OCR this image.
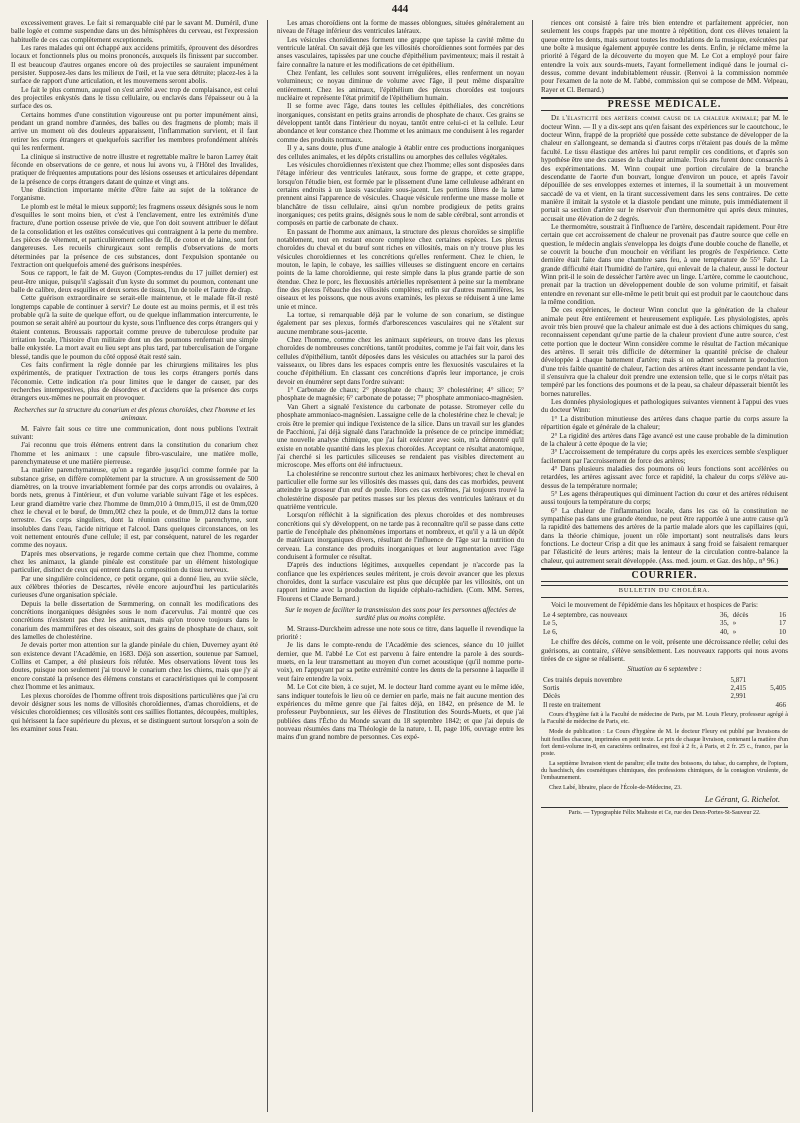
444

excessivement graves. Le fait si remarquable cité par le savant M. Duméril, d'une balle logée et comme suspendue dans un des hémisphères du cerveau, est l'expression habituelle de ces cas complètement exceptionnels.

Les rares malades qui ont échappé aux accidens primitifs, éprouvent des désordres locaux et fonctionnels plus ou moins prononcés, auxquels ils finissent par succomber. Il est beaucoup d'autres organes encore où des projectiles se sauraient impunément persister. Supposez-les dans les milieux de l'œil, et la vue sera détruite; placez-les à la surface de rapport d'une articulation, et les mouvemens seront abolis.

Le fait le plus commun, auquel on s'est arrêté avec trop de complaisance, est celui des projectiles enkystés dans le tissu cellulaire, ou enclavés dans l'épaisseur ou à la surface des os.

Certains hommes d'une constitution vigoureuse ont pu porter impunément ainsi, pendant un grand nombre d'années, des balles ou des fragmens de plomb; mais il arrive un moment où des douleurs apparaissent, l'inflammation survient, et il faut retirer les corps étrangers et quelquefois sacrifier les membres profondément altérés qui les renferment.

La clinique si instructive de notre illustre et regrettable maître le baron Larrey était féconde en observations de ce genre, et nous lui avons vu, à l'Hôtel des Invalides, pratiquer de fréquentes amputations pour des lésions osseuses et articulaires dépendant de la présence de corps étrangers datant de quinze et vingt ans.

Une distinction importante mérite d'être faite au sujet de la tolérance de l'organisme.

Le plomb est le métal le mieux supporté; les fragmens osseux désignés sous le nom d'esquilles le sont moins bien, et c'est à l'enclavement, entre les extrémités d'une fracture, d'une portion osseuse privée de vie, que l'on doit souvent attribuer le défaut de la consolidation et les ostéites consécutives qui contraignent à la perte du membre. Les pièces de vêtement, et particulièrement celles de fil, de coton et de laine, sont fort dangereuses. Les recueils chirurgicaux sont remplis d'observations de morts déterminées par la présence de ces substances, dont l'expulsion spontanée ou l'extraction ont quelquefois amené des guérisons inespérées.

Sous ce rapport, le fait de M. Guyon (Comptes-rendus du 17 juillet dernier) est peut-être unique, puisqu'il s'agissait d'un kyste du sommet du poumon, contenant une balle de calibre, deux esquilles et deux sortes de tissus, l'un de toile et l'autre de drap.

Cette guérison extraordinaire se serait-elle maintenue, et le malade fût-il resté longtemps capable de continuer à servir? Le doute est au moins permis, et il est très probable qu'à la suite de quelque effort, ou de quelque inflammation intercurrente, le poumon se serait altéré au pourtour du kyste, sous l'influence des corps étrangers qui y étaient contenus. Broussais rapportait comme preuve de tuberculose produite par irritation locale, l'histoire d'un militaire dont un des poumons renfermait une simple balle enkystée. La mort avait eu lieu sept ans plus tard, par tuberculisation de l'organe blessé, tandis que le poumon du côté opposé était resté sain.

Ces faits confirment la règle donnée par les chirurgiens militaires les plus expérimentés, de pratiquer l'extraction de tous les corps étrangers portés dans l'économie. Cette indication n'a pour limites que le danger de causer, par des recherches intempestives, plus de désordres et d'accidens que la présence des corps étrangers eux-mêmes ne pourrait en provoquer.

Recherches sur la structure du conarium et des plexus choroïdes, chez l'homme et les animaux.

M. Faivre fait sous ce titre une communication, dont nous publions l'extrait suivant:

J'ai reconnu que trois élémens entrent dans la constitution du conarium chez l'homme et les animaux : une capsule fibro-vasculaire, une matière molle, parenchymateuse et une matière pierreuse.

La matière parenchymateuse, qu'on a regardée jusqu'ici comme formée par la substance grise, en diffère complètement par la structure. A un grossissement de 500 diamètres, on la trouve invariablement formée par des corps arrondis ou ovalaires, à bords nets, grenus à l'intérieur, et d'un volume variable suivant l'âge et les espèces. Leur grand diamètre varie chez l'homme de 0mm,010 à 0mm,015, il est de 0mm,020 chez le cheval et le bœuf, de 0mm,002 chez la poule, et de 0mm,012 dans la tortue terrestre. Ces corps singuliers, dont la réunion constitue le parenchyme, sont insolubles dans l'eau, l'acide nitrique et l'alcool. Dans quelques circonstances, on les voit nettement entourés d'une cellule; il est, par conséquent, naturel de les regarder comme des noyaux.

D'après mes observations, je regarde comme certain que chez l'homme, comme chez les animaux, la glande pinéale est constituée par un élément histologique particulier, distinct de ceux qui entrent dans la composition du tissu nerveux.

Par une singulière coïncidence, ce petit organe, qui a donné lieu, au xviie siècle, aux célèbres théories de Descartes, révèle encore aujourd'hui les particularités curieuses d'une organisation spéciale.

Depuis la belle dissertation de Sœmmering, on connaît les modifications des concrétions inorganiques désignées sous le nom d'acervulus. J'ai montré que ces concrétions n'existent pas chez les animaux, mais qu'on trouve toujours dans le conarium des mammifères et des oiseaux, soit des grains de phosphate de chaux, soit des lamelles de cholestérine.

Je devais porter mon attention sur la glande pinéale du chien, Duverney ayant été son existence devant l'Académie, en 1683. Déjà son assertion, soutenue par Samuel, Collins et Camper, a été plusieurs fois réfutée. Mes observations lèvent tous les doutes, puisque non seulement j'ai trouvé le conarium chez les chiens, mais que j'y ai encore constaté la présence des élémens constans et caractéristiques qui le composent chez l'homme et les animaux.

Les plexus choroïdes de l'homme offrent trois dispositions particulières que j'ai cru devoir désigner sous les noms de villosités choroïdiennes, d'amas choroïdiens, et de vésicules choroïdiennes; ces villosités sont ces saillies flottantes, découpées, multiples, qui hérissent la face supérieure du plexus, et se distinguent surtout lorsqu'on a soin de les examiner sous l'eau.

Les amas choroïdiens ont la forme de masses oblongues, situées généralement au niveau de l'étage inférieur des ventricules latéraux.

Les vésicules choroïdiennes forment une grappe que tapisse la cavité même du ventricule latéral. On savait déjà que les villosités choroïdiennes sont formées par des anses vasculaires, tapissées par une couche d'épithélium pavimenteux; mais il restait à faire connaître la nature et les modifications de cet épithélium.

Chez l'enfant, les cellules sont souvent irrégulières, elles renferment un noyau volumineux; ce noyau diminue de volume avec l'âge, il peut même disparaître entièrement. Chez les animaux, l'épithélium des plexus choroïdes est toujours nucléaire et représente l'état primitif de l'épithélium humain.

Il se forme avec l'âge, dans toutes les cellules épithéliales, des concrétions inorganiques, consistant en petits grains arrondis de phosphate de chaux. Ces grains se développent tantôt dans l'intérieur du noyau, tantôt entre celui-ci et la cellule. Leur abondance et leur constance chez l'homme et les animaux me conduisent à les regarder comme des produits normaux.

Il y a, sans doute, plus d'une analogie à établir entre ces productions inorganiques des cellules animales, et les dépôts cristallins ou amorphes des cellules végétales.

Les vésicules choroïdiennes n'existent que chez l'homme; elles sont disposées dans l'étage inférieur des ventricules latéraux, sous forme de grappe, et cette grappe, lorsqu'on l'étudie bien, est formée par le plissement d'une lame celluleuse adhérant en certains endroits à un lassis vasculaire sous-jacent. Les portions libres de la lame prennent ainsi l'apparence de vésicules. Chaque vésicule renferme une masse molle et blanchâtre de tissu cellulaire, ainsi qu'un nombre prodigieux de petits grains inorganiques; ces petits grains, désignés sous le nom de sable cérébral, sont arrondis et composés en partie de carbonate de chaux.

En passant de l'homme aux animaux, la structure des plexus choroïdes se simplifie notablement, tout en restant encore complexe chez certaines espèces. Les plexus choroïdes du cheval et du bœuf sont riches en villosités, mais on n'y trouve plus les vésicules choroïdiennes et les concrétions qu'elles renferment. Chez le chien, le mouton, le lapin, le cobaye, les saillies villeuses se distinguent encore en certains points de la lame choroïdienne, qui reste simple dans la plus grande partie de son étendue. Chez le porc, les flexuosités artérielles représentent à peine sur la membrane fine des plexus l'ébauche des villosités complètes; enfin sur d'autres mammifères, les oiseaux et les poissons, que nous avons examinés, les plexus se réduisent à une lame unie et mince.

La tortue, si remarquable déjà par le volume de son conarium, se distingue également par ses plexus, formés d'arborescences vasculaires qui ne s'étalent sur aucune membrane sous-jacente.

Chez l'homme, comme chez les animaux supérieurs, on trouve dans les plexus choroïdes de nombreuses concrétions, tantôt produites, comme je l'ai fait voir, dans les cellules d'épithélium, tantôt déposées dans les vésicules ou attachées sur la paroi des vaisseaux, ou libres dans les espaces compris entre les flexuosités vasculaires et la couche d'épithélium. En classant ces concrétions d'après leur importance, je crois devoir en énumérer sept dans l'ordre suivant:

1° Carbonate de chaux; 2° phosphate de chaux; 3° cholestérine; 4° silice; 5° phosphate de magnésie; 6° carbonate de potasse; 7° phosphate ammoniaco-magnésien.

Van Ghert a signalé l'existence du carbonate de potasse. Stromeyer celle du phosphate ammoniaco-magnésien. Lassaigne celle de la cholestérine chez le cheval; je crois être le premier qui indique l'existence de la silice. Dans un travail sur les glandes de Pacchioni, j'ai déjà signalé dans l'arachnoïde la présence de ce principe immédiat; une nouvelle analyse chimique, que j'ai fait exécuter avec soin, m'a démontré qu'il existe en notable quantité dans les plexus choroïdes. Acceptant ce résultat anatomique, j'ai cherché si les particules siliceuses se rendaient pas visibles directement au microscope. Mes efforts ont été infructueux.

La cholestérine se rencontre surtout chez les animaux herbivores; chez le cheval en particulier elle forme sur les villosités des masses qui, dans des cas morbides, peuvent atteindre la grosseur d'un œuf de poule. Hors ces cas extrêmes, j'ai toujours trouvé la cholestérine disposée par petites masses sur les plexus des ventricules latéraux et du quatrième ventricule.

Lorsqu'on réfléchit à la signification des plexus choroïdes et des nombreuses concrétions qui s'y développent, on ne tarde pas à reconnaître qu'il se passe dans cette partie de l'encéphale des phénomènes importans et nombreux, et qu'il y a là un dépôt de matériaux inorganiques divers, résultant de l'influence de l'âge sur la nutrition du cerveau. La constance des produits inorganiques et leur augmentation avec l'âge conduisent à formuler ce résultat.

D'après des inductions légitimes, auxquelles cependant je n'accorde pas la confiance que les expériences seules méritent, je crois devoir avancer que les plexus choroïdes, dont la surface vasculaire est plus que décuplée par les villosités, ont un rapport intime avec la production du liquide céphalo-rachidien. (Com. MM. Serres, Flourens et Claude Bernard.)

Sur le moyen de faciliter la transmission des sons pour les personnes affectées de surdité plus ou moins complète.

M. Strauss-Durckheim adresse une note sous ce titre, dans laquelle il revendique la priorité :

Je lis dans le compte-rendu de l'Académie des sciences, séance du 10 juillet dernier, que M. l'abbé Le Cot est parvenu à faire entendre la parole à des sourds-muets, en la leur transmettant au moyen d'un cornet acoustique (qu'il nomme porte-voix), en l'appuyant par sa petite extrémité contre les dents de la personne à laquelle il veut faire entendre la voix.

M. Le Cot cite bien, à ce sujet, M. le docteur Itard comme ayant eu le même idée, sans indiquer toutefois le lieu où ce dernier en parle, mais ne fait aucune mention des expériences du même genre que j'ai faites déjà, en 1842, en présence de M. le professeur Puybonnieux, sur les élèves de l'Institution des Sourds-Muets, et que j'ai publiées dans l'Écho du Monde savant du 18 septembre 1842; et que j'ai depuis de nouveau résumées dans ma Théologie de la nature, t. II, page 106, ouvrage entre les mains d'un grand nombre de personnes. Ces expé-

riences ont consisté à faire très bien entendre et parfaitement apprécier, non seulement les coups frappés par une montre à répétition, dont ces élèves tenaient la queue entre les dents, mais surtout toutes les modulations de la musique, exécutées par une boîte à musique également appuyée contre les dents. Enfin, je réclame même la priorité à l'égard de la découverte du moyen que M. Le Cot a employé pour faire entendre la voix aux sourds-muets, l'ayant formellement indiqué dans le journal ci-dessus, comme devant indubitablement réussir. (Renvoi à la commission nommée pour l'examen de la note de M. l'abbé, commission qui se compose de MM. Velpeau, Rayer et Cl. Bernard.)

PRESSE MÉDICALE.

De l'élasticité des artères comme cause de la chaleur animale; par M. le docteur Winn. — Il y a dix-sept ans qu'en faisant des expériences sur le caoutchouc, le docteur Winn, frappé de la propriété que possède cette substance de développer de la chaleur en s'allongeant, se demanda si d'autres corps n'étaient pas doués de la même faculté. Le tissu élastique des artères lui parut remplir ces conditions, et d'après son hypothèse être une des causes de la chaleur animale. Trois ans furent donc consacrés à des expérimentations. M. Winn coupait une portion circulaire de la branche descendante de l'aorte d'un bouvart, longue d'environ un pouce, et après l'avoir dépouillée de ses enveloppes externes et internes, il la soumettait à un mouvement saccadé de va et vient, en la tirant successivement dans les sens contraires. De cette manière il imitait la systole et la diastole pendant une minute, puis immédiatement il portait sa section d'artère sur le réservoir d'un thermomètre qui après deux minutes, accusait une élévation de 2 degrés.

Le thermomètre, soustrait à l'influence de l'artère, descendait rapidement. Pour être certain que cet accroissement de chaleur ne provenait pas d'autre source que celle en question, le médecin anglais s'enveloppa les doigts d'une double couche de flanelle, et se couvrit la bouche d'un mouchoir en vérifiant les progrès de l'expérience. Cette dernière était faite dans une chambre sans feu, à une température de 55° Fahr. La grande difficulté était l'humidité de l'artère, qui enlevait de la chaleur, aussi le docteur Winn prit-il le soin de dessécher l'artère avec un linge. L'artère, comme le caoutchouc, prenait par la traction un développement double de son volume primitif, et faisait entendre en revenant sur elle-même le petit bruit qui est produit par le caoutchouc dans la même condition.

De ces expériences, le docteur Winn conclut que la génération de la chaleur animale peut être entièrement et heureusement expliquée. Les physiologistes, après avoir très bien prouvé que la chaleur animale est due à des actions chimiques du sang, reconnaissent cependant qu'une partie de la chaleur provient d'une autre source, c'est cette portion que le docteur Winn considère comme le résultat de l'action mécanique des artères. Il serait très difficile de déterminer la quantité précise de chaleur développée à chaque battement d'artère; mais si on admet seulement la production d'une très faible quantité de chaleur, l'action des artères étant incessante pendant la vie, il s'ensuivra que la chaleur doit prendre une extension telle, que si le corps n'était pas tempéré par les fonctions des poumons et de la peau, sa chaleur dépasserait bientôt les bornes naturelles.

Les données physiologiques et pathologiques suivantes viennent à l'appui des vues du docteur Winn:

1° La distribution minutieuse des artères dans chaque partie du corps assure la répartition égale et générale de la chaleur;

2° La rigidité des artères dans l'âge avancé est une cause probable de la diminution de la chaleur à cette époque de la vie;

3° L'accroissement de température du corps après les exercices semble s'expliquer facilement par l'accroissement de force des artères;

4° Dans plusieurs maladies des poumons où leurs fonctions sont accélérées ou retardées, les artères agissant avec force et rapidité, la chaleur du corps s'élève au-dessus de la température normale;

5° Les agens thérapeutiques qui diminuent l'action du cœur et des artères réduisent aussi toujours la température du corps;

6° La chaleur de l'inflammation locale, dans les cas où la constitution ne sympathise pas dans une grande étendue, ne peut être rapportée à une autre cause qu'à la rapidité des battemens des artères de la partie malade alors que les capillaires (qui, dans la théorie chimique, jouent un rôle important) sont neutralisés dans leurs fonctions. Le docteur Crisp a dit que les animaux à sang froid se faisaient remarquer par l'élasticité de leurs artères; mais la lenteur de la circulation contre-balance la chaleur, qui autrement serait développée. (Ass. med. journ. et Gaz. des hôp., n° 96.)

COURRIER.
BULLETIN DU CHOLÉRA.

Voici le mouvement de l'épidémie dans les hôpitaux et hospices de Paris:

Le 4 septembre, cas nouveaux	36,	décès	16
Le 5,	35,	»	17
Le 6,	40,	»	10

Le chiffre des décès, comme on le voit, présente une décroissance réelle; celui des guérisons, au contraire, s'élève sensiblement. Les nouveaux rapports qui nous avons tirées de ce signe se réalisent.

Situation au 6 septembre :

Ces traités depuis novembre	5,871	
Sortis	2,415	5,405
Décès	2,991	
Il reste en traitement		466

Cours d'hygiène fait à la Faculté de médecine de Paris, par M. Louis Fleury, professeur agrégé à la Faculté de médecine de Paris, etc.

Mode de publication : Le Cours d'hygiène de M. le docteur Fleury est publié par livraisons de huit feuilles chacune, imprimées en petit texte. Le prix de chaque livraison, contenant la matière d'un fort demi-volume in-8, en caractères ordinaires, est fixé à 2 fr., à Paris, et 2 fr. 25 c., franco, par la poste.

La septième livraison vient de paraître; elle traite des boissons, du tabac, du camphre, de l'opium, du haschisch, des cosmétiques chimiques, des professions chimiques, de la contagion virulente, de l'embaumement.

Chez Labé, libraire, place de l'École-de-Médecine, 23.

Le Gérant, G. Richelot.

Paris. — Typographie Félix Malteste et Ce, rue des Deux-Portes-St-Sauveur 22.
